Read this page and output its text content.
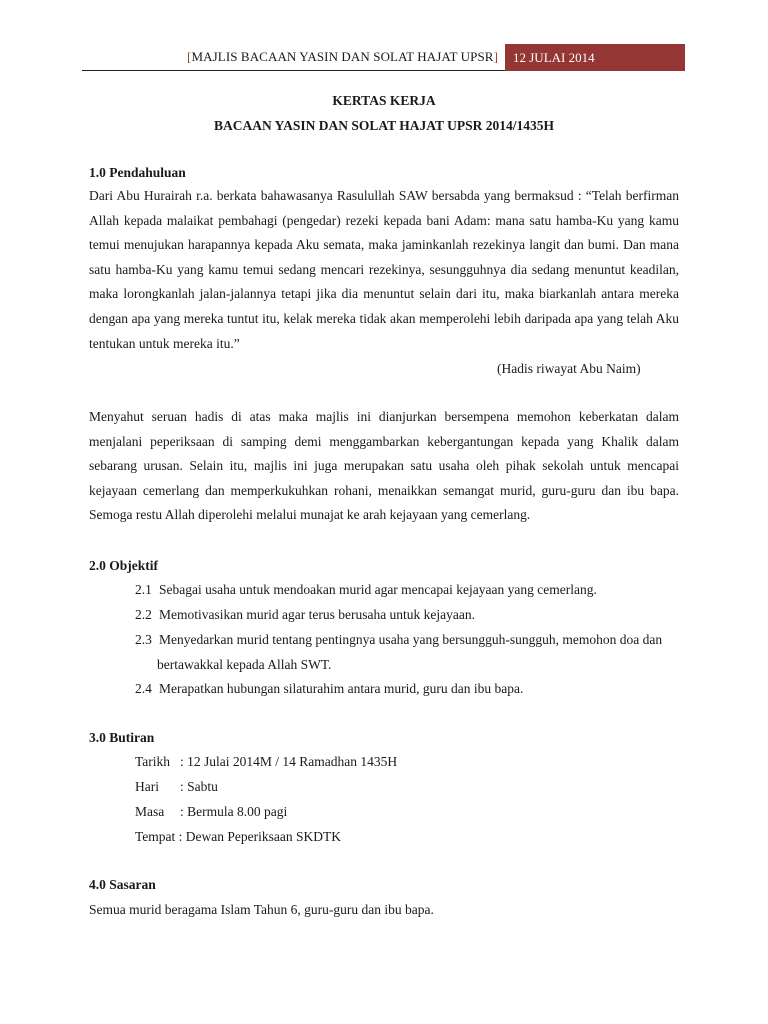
[MAJLIS BACAAN YASIN DAN SOLAT HAJAT UPSR]	12 JULAI 2014
KERTAS KERJA
BACAAN YASIN DAN SOLAT HAJAT UPSR 2014/1435H
1.0 Pendahuluan

Dari Abu Hurairah r.a. berkata bahawasanya Rasulullah SAW bersabda yang bermaksud : “Telah berfirman Allah kepada malaikat pembahagi (pengedar) rezeki kepada bani Adam: mana satu hamba-Ku yang kamu temui menujukan harapannya kepada Aku semata, maka jaminkanlah rezekinya langit dan bumi. Dan mana satu hamba-Ku yang kamu temui sedang mencari rezekinya, sesungguhnya dia sedang menuntut keadilan, maka lorongkanlah jalan-jalannya tetapi jika dia menuntut selain dari itu, maka biarkanlah antara mereka dengan apa yang mereka tuntut itu, kelak mereka tidak akan memperolehi lebih daripada apa yang telah Aku tentukan untuk mereka itu.”

(Hadis riwayat Abu Naim)

Menyahut seruan hadis di atas maka majlis ini dianjurkan bersempena memohon keberkatan dalam menjalani peperiksaan di samping demi menggambarkan kebergantungan kepada yang Khalik dalam sebarang urusan. Selain itu, majlis ini juga merupakan satu usaha oleh pihak sekolah untuk mencapai kejayaan cemerlang dan memperkukuhkan rohani, menaikkan semangat murid, guru-guru dan ibu bapa. Semoga restu Allah diperolehi melalui munajat ke arah kejayaan yang cemerlang.

2.0 Objektif
2.1 Sebagai usaha untuk mendoakan murid agar mencapai kejayaan yang cemerlang.
2.2 Memotivasikan murid agar terus berusaha untuk kejayaan.
2.3 Menyedarkan murid tentang pentingnya usaha yang bersungguh-sungguh, memohon doa dan
bertawakkal kepada Allah SWT.
2.4 Merapatkan hubungan silaturahim antara murid, guru dan ibu bapa.
3.0 Butiran
Tarikh : 12 Julai 2014M / 14 Ramadhan 1435H
Hari : Sabtu
Masa : Bermula 8.00 pagi
Tempat : Dewan Peperiksaan SKDTK
4.0 Sasaran
Semua murid beragama Islam Tahun 6, guru-guru dan ibu bapa.
